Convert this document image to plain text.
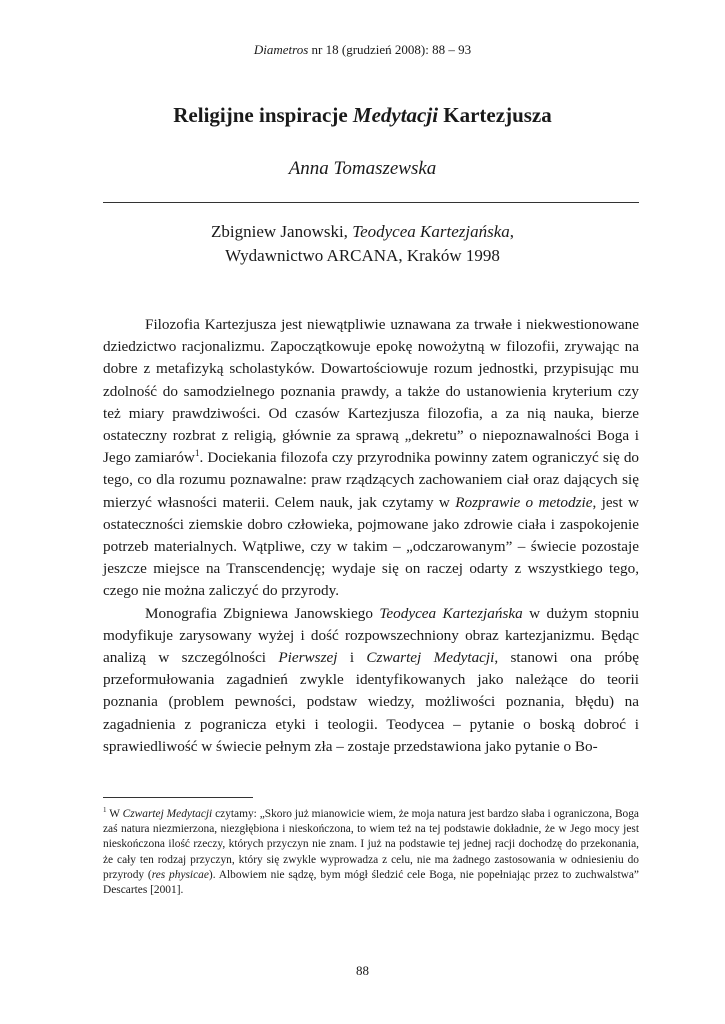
Diametros nr 18 (grudzień 2008): 88 – 93
Religijne inspiracje Medytacji Kartezjusza
Anna Tomaszewska
Zbigniew Janowski, Teodycea Kartezjańska,
Wydawnictwo ARCANA, Kraków 1998

Filozofia Kartezjusza jest niewątpliwie uznawana za trwałe i niekwestionowane dziedzictwo racjonalizmu. Zapoczątkowuje epokę nowożytną w filozofii, zrywając na dobre z metafizyką scholastyków. Dowartościowuje rozum jednostki, przypisując mu zdolność do samodzielnego poznania prawdy, a także do ustanowienia kryterium czy też miary prawdziwości. Od czasów Kartezjusza filozofia, a za nią nauka, bierze ostateczny rozbrat z religią, głównie za sprawą „dekretu” o niepoznawalności Boga i Jego zamiarów$^1$. Dociekania filozofa czy przyrodnika powinny zatem ograniczyć się do tego, co dla rozumu poznawalne: praw rządzących zachowaniem ciał oraz dających się mierzyć własności materii. Celem nauk, jak czytamy w Rozprawie o metodzie, jest w ostateczności ziemskie dobro człowieka, pojmowane jako zdrowie ciała i zaspokojenie potrzeb materialnych. Wątpliwe, czy w takim – „odczarowanym” – świecie pozostaje jeszcze miejsce na Transcendencję; wydaje się on raczej odarty z wszystkiego tego, czego nie można zaliczyć do przyrody.

Monografia Zbigniewa Janowskiego Teodycea Kartezjańska w dużym stopniu modyfikuje zarysowany wyżej i dość rozpowszechniony obraz kartezjanizmu. Będąc analizą w szczególności Pierwszej i Czwartej Medytacji, stanowi ona próbę przeformułowania zagadnień zwykle identyfikowanych jako należące do teorii poznania (problem pewności, podstaw wiedzy, możliwości poznania, błędu) na zagadnienia z pogranicza etyki i teologii. Teodycea – pytanie o boską dobroć i sprawiedliwość w świecie pełnym zła – zostaje przedstawiona jako pytanie o Bo-

$^1$ W Czwartej Medytacji czytamy: „Skoro już mianowicie wiem, że moja natura jest bardzo słaba i ograniczona, Boga zaś natura niezmierzona, niezgłębiona i nieskończona, to wiem też na tej podstawie dokładnie, że w Jego mocy jest nieskończona ilość rzeczy, których przyczyn nie znam. I już na podstawie tej jednej racji dochodzę do przekonania, że cały ten rodzaj przyczyn, który się zwykle wyprowadza z celu, nie ma żadnego zastosowania w odniesieniu do przyrody (res physicae). Albowiem nie sądzę, bym mógł śledzić cele Boga, nie popełniając przez to zuchwalstwa” Descartes [2001].
88
